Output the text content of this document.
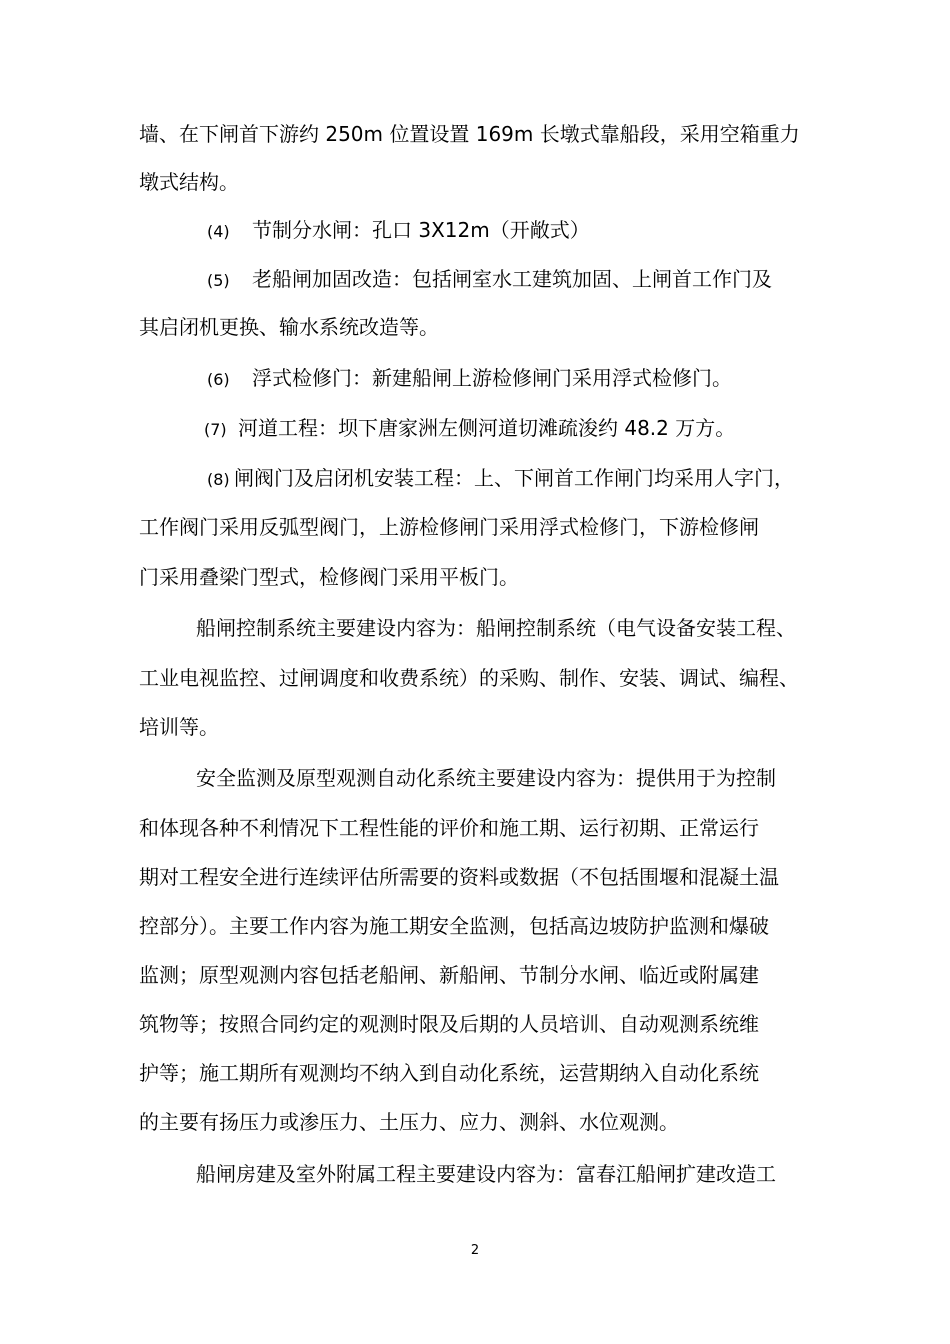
墙、在下闸首下游约 250m 位置设置 169m 长墩式靠船段，采用空箱重力
墩式结构。
(4) 节制分水闸：孔口 3X12m（开敞式）
(5) 老船闸加固改造：包括闸室水工建筑加固、上闸首工作门及
其启闭机更换、输水系统改造等。
(6) 浮式检修门：新建船闸上游检修闸门采用浮式检修门。
(7) 河道工程：坝下唐家洲左侧河道切滩疏浚约 48.2 万方。
(8) 闸阀门及启闭机安装工程：上、下闸首工作闸门均采用人字门，
工作阀门采用反弧型阀门，上游检修闸门采用浮式检修门，下游检修闸
门采用叠梁门型式，检修阀门采用平板门。
船闸控制系统主要建设内容为：船闸控制系统（电气设备安装工程、
工业电视监控、过闸调度和收费系统）的采购、制作、安装、调试、编程、
培训等。
安全监测及原型观测自动化系统主要建设内容为：提供用于为控制
和体现各种不利情况下工程性能的评价和施工期、运行初期、正常运行
期对工程安全进行连续评估所需要的资料或数据（不包括围堰和混凝土温
控部分）。主要工作内容为施工期安全监测，包括高边坡防护监测和爆破
监测；原型观测内容包括老船闸、新船闸、节制分水闸、临近或附属建
筑物等；按照合同约定的观测时限及后期的人员培训、自动观测系统维
护等；施工期所有观测均不纳入到自动化系统，运营期纳入自动化系统
的主要有扬压力或渗压力、土压力、应力、测斜、水位观测。
船闸房建及室外附属工程主要建设内容为：富春江船闸扩建改造工
2
